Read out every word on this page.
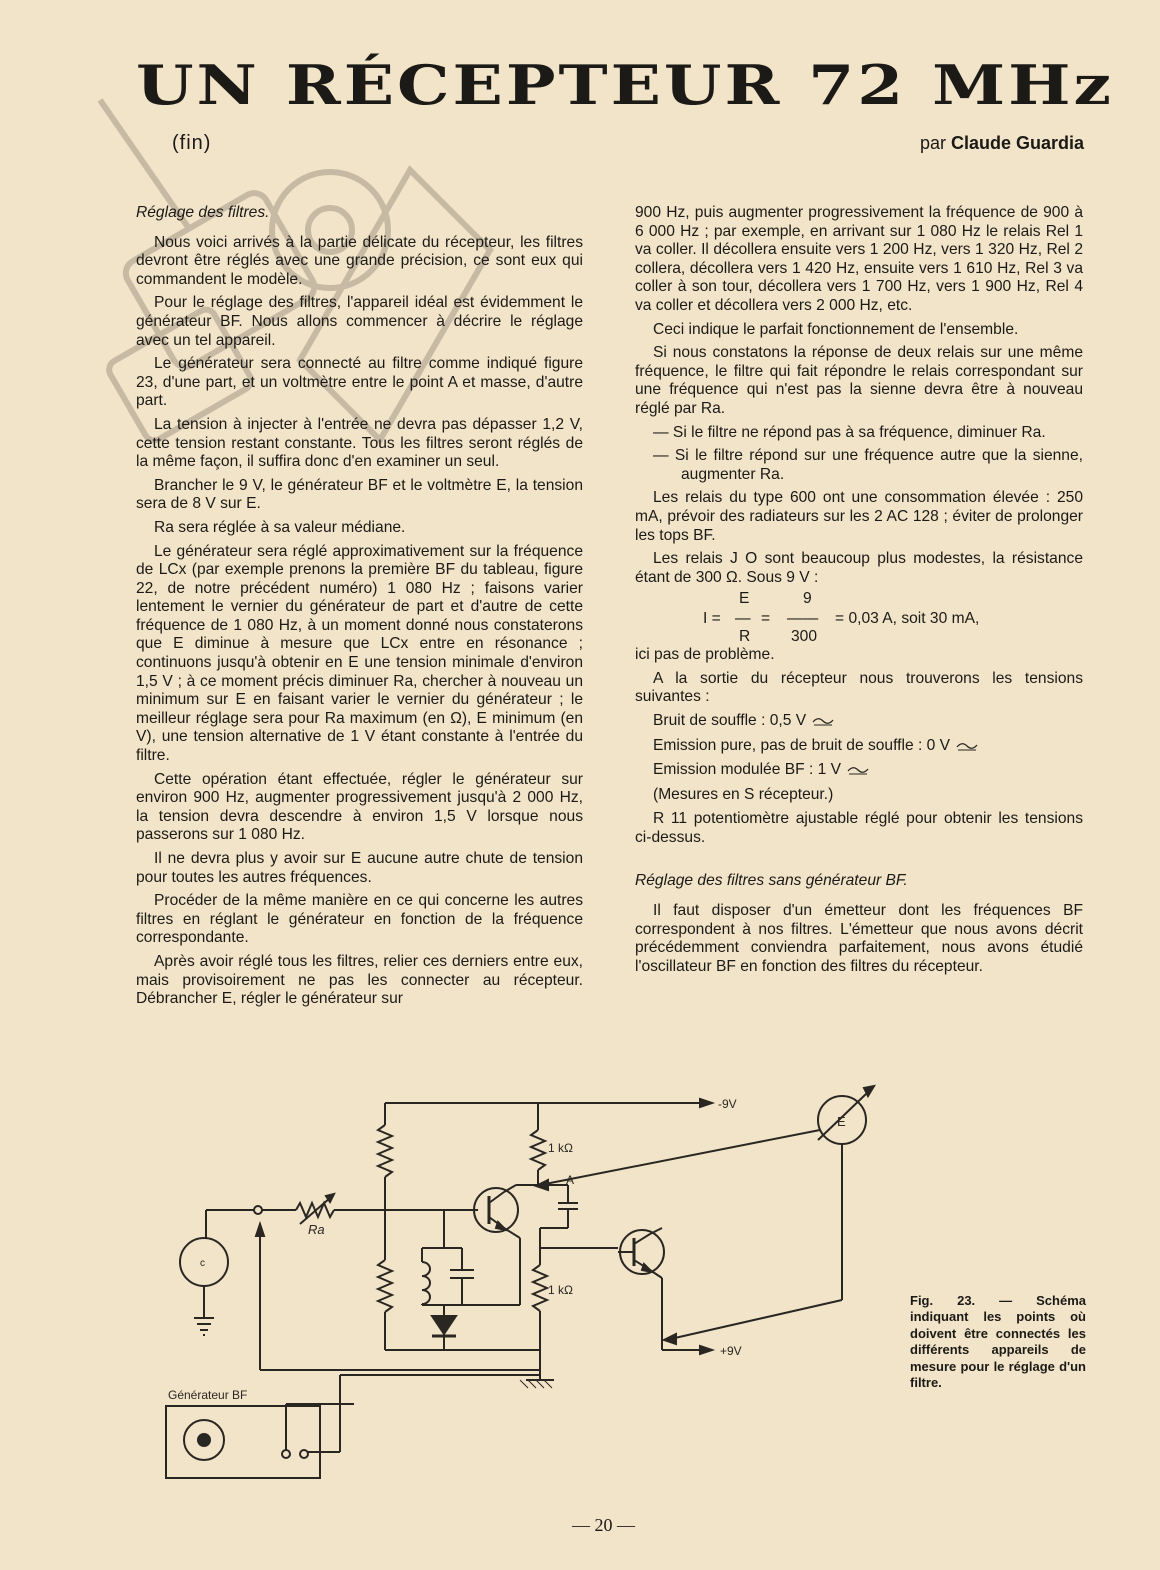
UN RÉCEPTEUR 72 MHz
(fin)	par Claude Guardia

Réglage des filtres.

Nous voici arrivés à la partie délicate du récepteur, les filtres devront être réglés avec une grande précision, ce sont eux qui commandent le modèle.

Pour le réglage des filtres, l'appareil idéal est évidemment le générateur BF. Nous allons commencer à décrire le réglage avec un tel appareil.

Le générateur sera connecté au filtre comme indiqué figure 23, d'une part, et un voltmètre entre le point A et masse, d'autre part.

La tension à injecter à l'entrée ne devra pas dépasser 1,2 V, cette tension restant constante. Tous les filtres seront réglés de la même façon, il suffira donc d'en examiner un seul.

Brancher le 9 V, le générateur BF et le voltmètre E, la tension sera de 8 V sur E.

Ra sera réglée à sa valeur médiane.

Le générateur sera réglé approximativement sur la fréquence de LCx (par exemple prenons la première BF du tableau, figure 22, de notre précédent numéro) 1 080 Hz ; faisons varier lentement le vernier du générateur de part et d'autre de cette fréquence de 1 080 Hz, à un moment donné nous constaterons que E diminue à mesure que LCx entre en résonance ; continuons jusqu'à obtenir en E une tension minimale d'environ 1,5 V ; à ce moment précis diminuer Ra, chercher à nouveau un minimum sur E en faisant varier le vernier du générateur ; le meilleur réglage sera pour Ra maximum (en Ω), E minimum (en V), une tension alternative de 1 V étant constante à l'entrée du filtre.

Cette opération étant effectuée, régler le générateur sur environ 900 Hz, augmenter progressivement jusqu'à 2 000 Hz, la tension devra descendre à environ 1,5 V lorsque nous passerons sur 1 080 Hz.

Il ne devra plus y avoir sur E aucune autre chute de tension pour toutes les autres fréquences.

Procéder de la même manière en ce qui concerne les autres filtres en réglant le générateur en fonction de la fréquence correspondante.

Après avoir réglé tous les filtres, relier ces derniers entre eux, mais provisoirement ne pas les connecter au récepteur. Débrancher E, régler le générateur sur

900 Hz, puis augmenter progressivement la fréquence de 900 à 6 000 Hz ; par exemple, en arrivant sur 1 080 Hz le relais Rel 1 va coller. Il décollera ensuite vers 1 200 Hz, vers 1 320 Hz, Rel 2 collera, décollera vers 1 420 Hz, ensuite vers 1 610 Hz, Rel 3 va coller à son tour, décollera vers 1 700 Hz, vers 1 900 Hz, Rel 4 va coller et décollera vers 2 000 Hz, etc.

Ceci indique le parfait fonctionnement de l'ensemble.

Si nous constatons la réponse de deux relais sur une même fréquence, le filtre qui fait répondre le relais correspondant sur une fréquence qui n'est pas la sienne devra être à nouveau réglé par Ra.

— Si le filtre ne répond pas à sa fréquence, diminuer Ra.

— Si le filtre répond sur une fréquence autre que la sienne, augmenter Ra.

Les relais du type 600 ont une consommation élevée : 250 mA, prévoir des radiateurs sur les 2 AC 128 ; éviter de prolonger les tops BF.

Les relais J O sont beaucoup plus modestes, la résistance étant de 300 Ω. Sous 9 V :

I =
E
—
R
=
9
——
300
= 0,03 A, soit 30 mA,

ici pas de problème.

A la sortie du récepteur nous trouverons les tensions suivantes :

Bruit de souffle : 0,5 V

Emission pure, pas de bruit de souffle : 0 V

Emission modulée BF : 1 V

(Mesures en S récepteur.)

R 11 potentiomètre ajustable réglé pour obtenir les tensions ci-dessus.

Réglage des filtres sans générateur BF.

Il faut disposer d'un émetteur dont les fréquences BF correspondent à nos filtres. L'émetteur que nous avons décrit précédemment conviendra parfaitement, nous avons étudié l'oscillateur BF en fonction des filtres du récepteur.

-9V
+9V
E
c
A
Ra
1 kΩ
1 kΩ
Générateur BF
Fig. 23. — Schéma indiquant les points où doivent être connectés les différents appareils de mesure pour le réglage d'un filtre.
— 20 —
